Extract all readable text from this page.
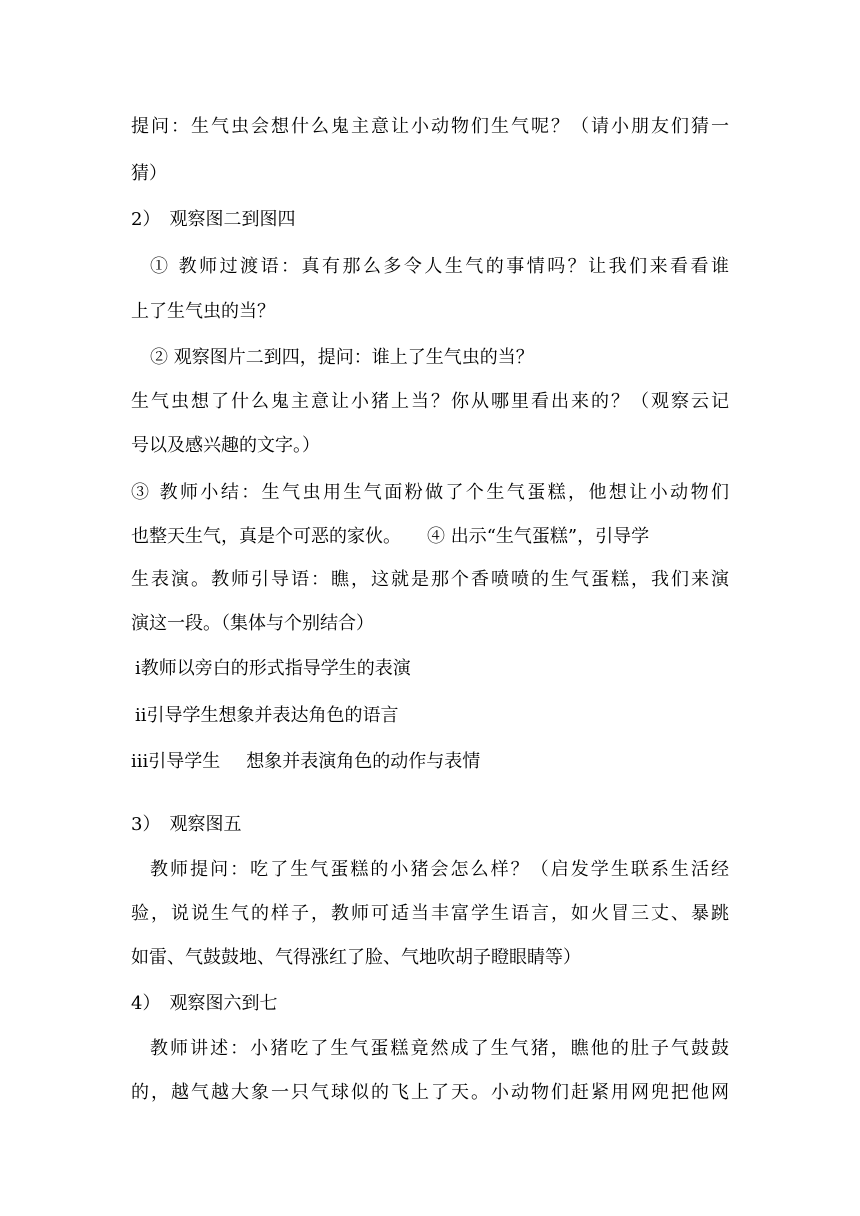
提问：生气虫会想什么鬼主意让小动物们生气呢？（请小朋友们猜一
猜）
2）　观察图二到图四
① 教师过渡语：真有那么多令人生气的事情吗？让我们来看看谁
上了生气虫的当？
② 观察图片二到四，提问：谁上了生气虫的当？
生气虫想了什么鬼主意让小猪上当？你从哪里看出来的？（观察云记
号以及感兴趣的文字。）
③ 教师小结：生气虫用生气面粉做了个生气蛋糕，他想让小动物们
也整天生气，真是个可恶的家伙。 ④ 出示“生气蛋糕”，引导学
生表演。教师引导语：瞧，这就是那个香喷喷的生气蛋糕，我们来演
演这一段。（集体与个别结合）
ⅰ教师以旁白的形式指导学生的表演
ⅱ引导学生想象并表达角色的语言
ⅲ引导学生 想象并表演角色的动作与表情
3）　观察图五
教师提问：吃了生气蛋糕的小猪会怎么样？（启发学生联系生活经
验，说说生气的样子，教师可适当丰富学生语言，如火冒三丈、暴跳
如雷、气鼓鼓地、气得涨红了脸、气地吹胡子瞪眼睛等）
4）　观察图六到七
教师讲述：小猪吃了生气蛋糕竟然成了生气猪，瞧他的肚子气鼓鼓
的，越气越大象一只气球似的飞上了天。小动物们赶紧用网兜把他网
